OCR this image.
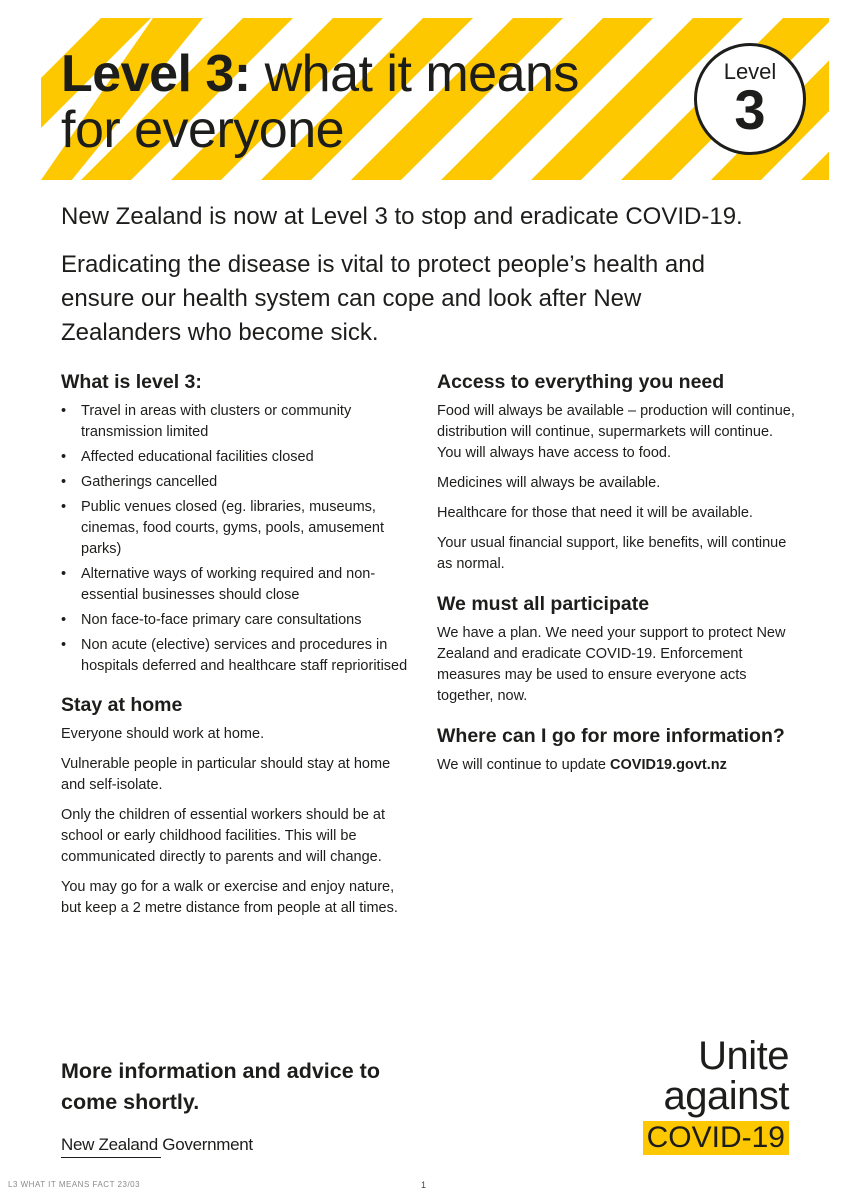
Level 3: what it means
for everyone
Level
3

New Zealand is now at Level 3 to stop and eradicate COVID-19.

Eradicating the disease is vital to protect people’s health and ensure our health system can cope and look after New Zealanders who become sick.

What is level 3:
• Travel in areas with clusters or community transmission limited
• Affected educational facilities closed
• Gatherings cancelled
• Public venues closed (eg. libraries, museums, cinemas, food courts, gyms, pools, amusement parks)
• Alternative ways of working required and non-essential businesses should close
• Non face-to-face primary care consultations
• Non acute (elective) services and procedures in hospitals deferred and healthcare staff reprioritised
Stay at home

Everyone should work at home.

Vulnerable people in particular should stay at home and self-isolate.

Only the children of essential workers should be at school or early childhood facilities. This will be communicated directly to parents and will change.

You may go for a walk or exercise and enjoy nature, but keep a 2 metre distance from people at all times.

Access to everything you need

Food will always be available – production will continue, distribution will continue, supermarkets will continue. You will always have access to food.

Medicines will always be available.

Healthcare for those that need it will be available.

Your usual financial support, like benefits, will continue as normal.

We must all participate

We have a plan. We need your support to protect New Zealand and eradicate COVID-19. Enforcement measures may be used to ensure everyone acts together, now.

Where can I go for more information?

We will continue to update COVID19.govt.nz

More information and advice to come shortly.

New Zealand Government
Unite
against
COVID-19
L3 WHAT IT MEANS FACT 23/03	1
